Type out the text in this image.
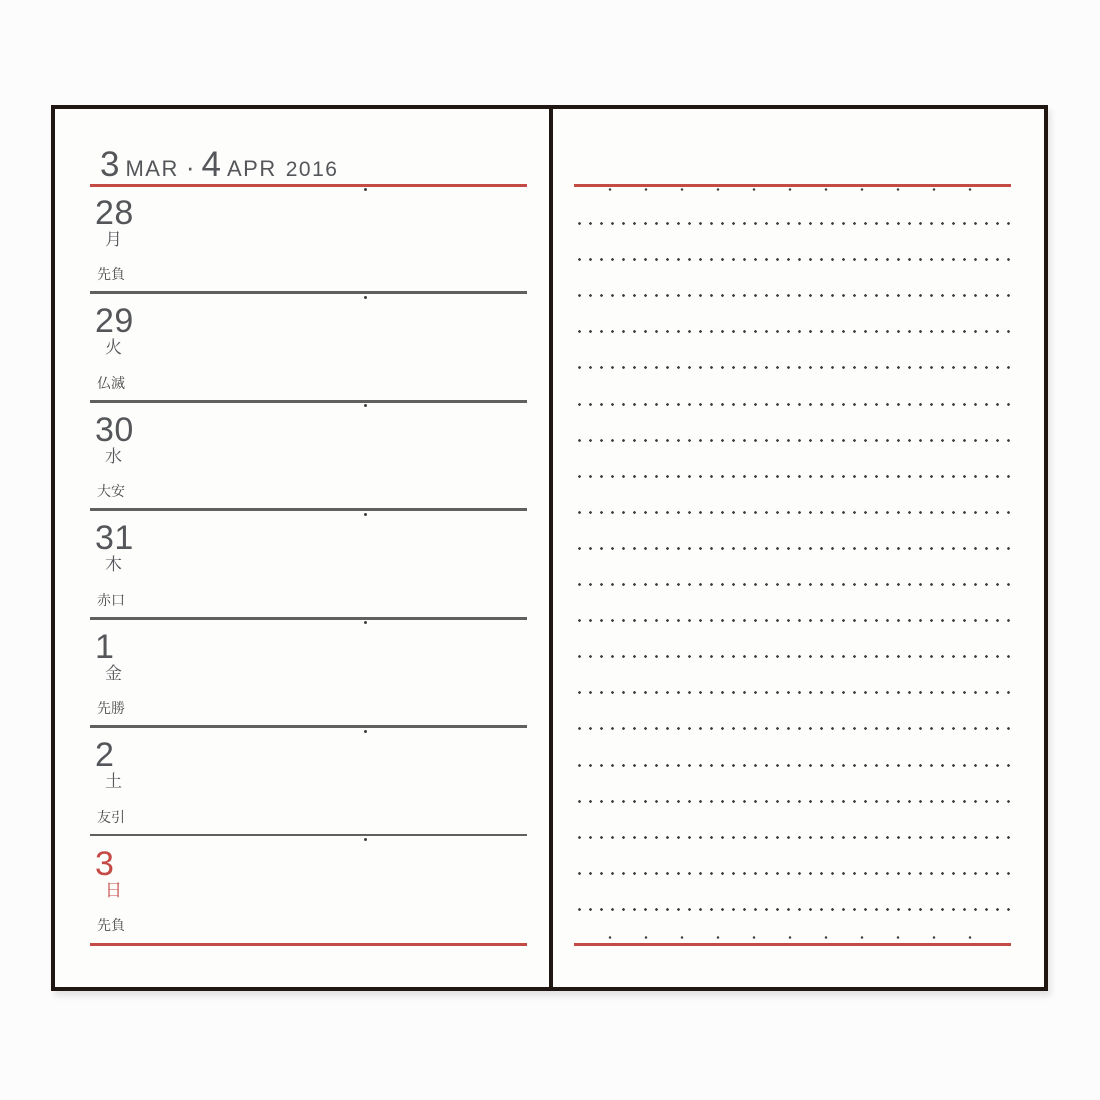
3 MAR · 4 APR 2016
28
月
先負
29
火
仏滅
30
水
大安
31
木
赤口
1
金
先勝
2
土
友引
3
日
先負
